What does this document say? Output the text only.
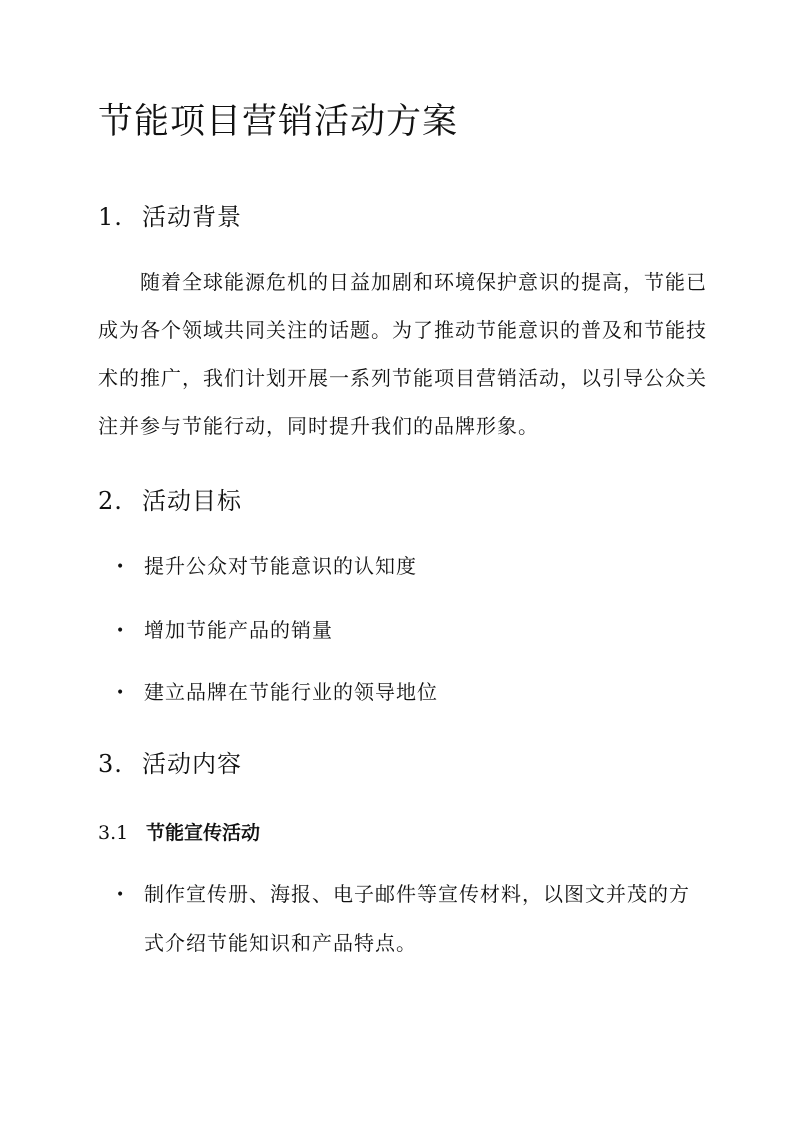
节能项目营销活动方案
1. 活动背景

随着全球能源危机的日益加剧和环境保护意识的提高，节能已
成为各个领域共同关注的话题。为了推动节能意识的普及和节能技
术的推广，我们计划开展一系列节能项目营销活动，以引导公众关
注并参与节能行动，同时提升我们的品牌形象。

2. 活动目标

• 提升公众对节能意识的认知度

• 增加节能产品的销量

• 建立品牌在节能行业的领导地位

3. 活动内容
3.1 节能宣传活动

• 制作宣传册、海报、电子邮件等宣传材料，以图文并茂的方
式介绍节能知识和产品特点。
